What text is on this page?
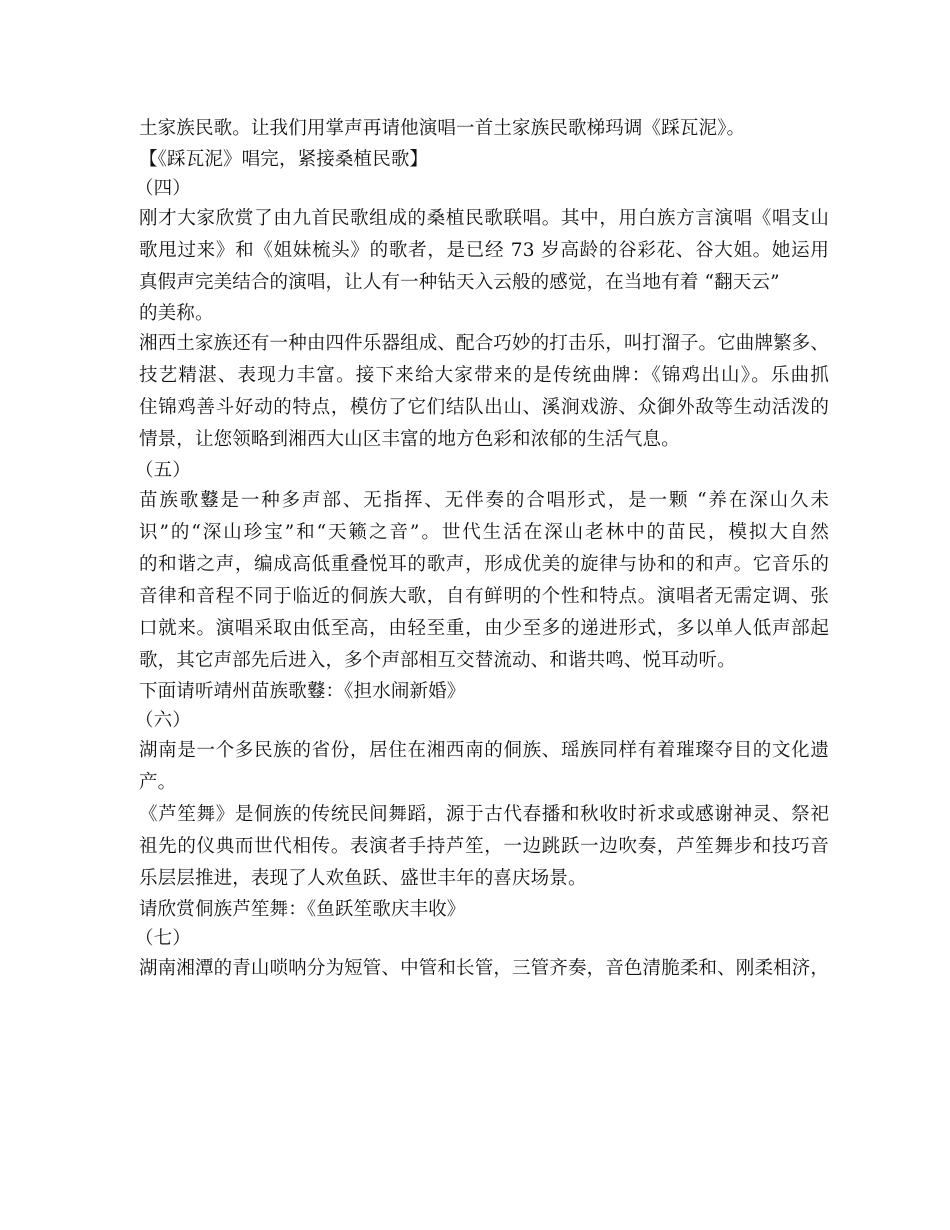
土家族民歌。让我们用掌声再请他演唱一首土家族民歌梯玛调《踩瓦泥》。
【《踩瓦泥》唱完，紧接桑植民歌】
（四）
刚才大家欣赏了由九首民歌组成的桑植民歌联唱。其中，用白族方言演唱《唱支山
歌甩过来》和《姐妹梳头》的歌者，是已经 73 岁高龄的谷彩花、谷大姐。她运用
真假声完美结合的演唱，让人有一种钻天入云般的感觉，在当地有着 “翻天云”
的美称。
湘西土家族还有一种由四件乐器组成、配合巧妙的打击乐，叫打溜子。它曲牌繁多、
技艺精湛、表现力丰富。接下来给大家带来的是传统曲牌：《锦鸡出山》。乐曲抓
住锦鸡善斗好动的特点，模仿了它们结队出山、溪涧戏游、众御外敌等生动活泼的
情景，让您领略到湘西大山区丰富的地方色彩和浓郁的生活气息。
（五）
苗族歌鼟是一种多声部、无指挥、无伴奏的合唱形式，是一颗 “养在深山久未
识”的“深山珍宝”和“天籁之音”。世代生活在深山老林中的苗民，模拟大自然
的和谐之声，编成高低重叠悦耳的歌声，形成优美的旋律与协和的和声。它音乐的
音律和音程不同于临近的侗族大歌，自有鲜明的个性和特点。演唱者无需定调、张
口就来。演唱采取由低至高，由轻至重，由少至多的递进形式，多以单人低声部起
歌，其它声部先后进入，多个声部相互交替流动、和谐共鸣、悦耳动听。
下面请听靖州苗族歌鼟：《担水闹新婚》
（六）
湖南是一个多民族的省份，居住在湘西南的侗族、瑶族同样有着璀璨夺目的文化遗
产。
《芦笙舞》是侗族的传统民间舞蹈，源于古代春播和秋收时祈求或感谢神灵、祭祀
祖先的仪典而世代相传。表演者手持芦笙，一边跳跃一边吹奏，芦笙舞步和技巧音
乐层层推进，表现了人欢鱼跃、盛世丰年的喜庆场景。
请欣赏侗族芦笙舞：《鱼跃笙歌庆丰收》
（七）
湖南湘潭的青山唢呐分为短管、中管和长管，三管齐奏，音色清脆柔和、刚柔相济，
